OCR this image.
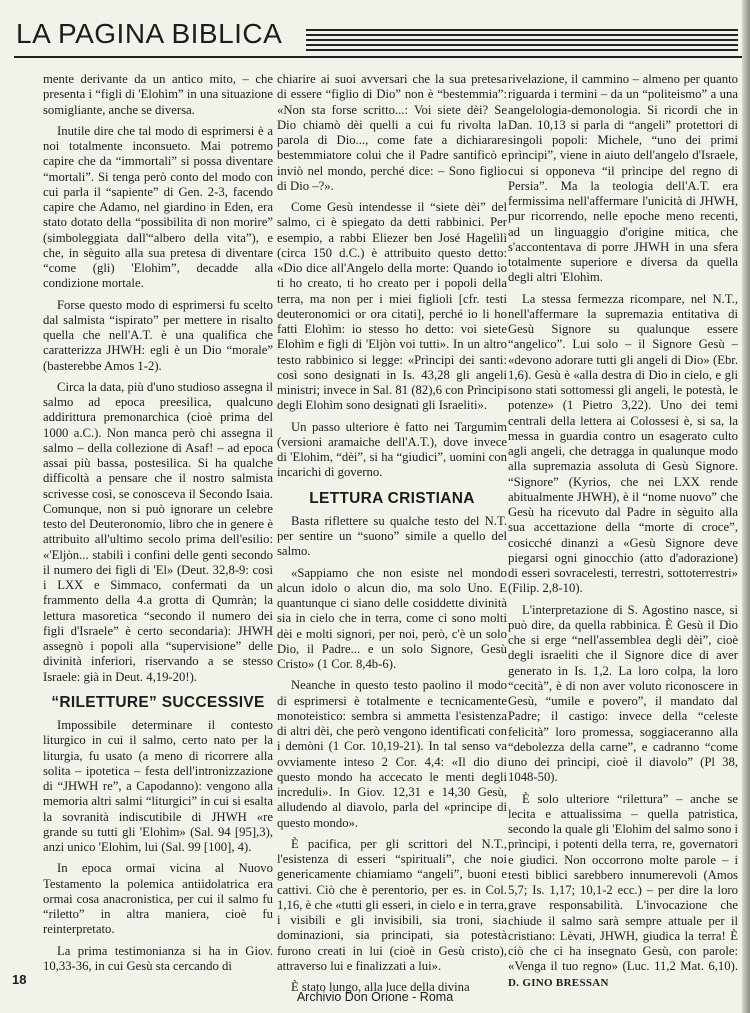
LA PAGINA BIBLICA

mente derivante da un antico mito, – che presenta i “figli di 'Elohìm” in una situazione somigliante, anche se diversa.

Inutile dire che tal modo di esprimersi è a noi totalmente inconsueto. Mai potremo capire che da “immortali” si possa diventare “mortali”. Si tenga però conto del modo con cui parla il “sapiente” di Gen. 2-3, facendo capire che Adamo, nel giardino in Eden, era stato dotato della “possibilita di non morire” (simboleggiata dall'“albero della vita”), e che, in sèguito alla sua pretesa di diventare “come (gli) 'Elohìm”, decadde alla condizione mortale.

Forse questo modo di esprimersi fu scelto dal salmista “ispirato” per mettere in risalto quella che nell'A.T. è una qualifica che caratterizza JHWH: egli è un Dio “morale” (basterebbe Amos 1-2).

Circa la data, più d'uno studioso assegna il salmo ad epoca preesilica, qualcuno addirittura premonarchica (cioè prima del 1000 a.C.). Non manca però chi assegna il salmo – della collezione di Asaf! – ad epoca assai più bassa, postesilica. Si ha qualche difficoltà a pensare che il nostro salmista scrivesse così, se conosceva il Secondo Isaia. Comunque, non si può ignorare un celebre testo del Deuteronomio, libro che in genere è attribuito all'ultimo secolo prima dell'esilio: «'Eljòn... stabilì i confini delle genti secondo il numero dei figli di 'El» (Deut. 32,8-9: così i LXX e Simmaco, confermati da un frammento della 4.a grotta di Qumràn; la lettura masoretica “secondo il numero dei figli d'Israele” è certo secondaria): JHWH assegnò i popoli alla “supervisione” delle divinità inferiori, riservando a se stesso Israele: già in Deut. 4,19-20!).

“RILETTURE” SUCCESSIVE

Impossibile determinare il contesto liturgico in cui il salmo, certo nato per la liturgia, fu usato (a meno di ricorrere alla solita – ipotetica – festa dell'intronizzazione di “JHWH re”, a Capodanno): vengono alla memoria altri salmi “liturgici” in cui si esalta la sovranità indiscutibile di JHWH «re grande su tutti gli 'Elohìm» (Sal. 94 [95],3), anzi unico 'Elohìm, lui (Sal. 99 [100], 4).

In epoca ormai vicina al Nuovo Testamento la polemica antiidolatrica era ormai cosa anacronistica, per cui il salmo fu “riletto” in altra maniera, cioè fu reinterpretato.

La prima testimonianza si ha in Giov. 10,33-36, in cui Gesù sta cercando di

chiarire ai suoi avversari che la sua pretesa di essere “figlio di Dio” non è “bestemmia”: «Non sta forse scritto...: Voi siete dèi? Se Dio chiamò dèi quelli a cui fu rivolta la parola di Dio..., come fate a dichiarare bestemmiatore colui che il Padre santificò e inviò nel mondo, perché dice: – Sono figlio di Dio –?».

Come Gesù intendesse il “siete dèi” del salmo, ci è spiegato da detti rabbinici. Per esempio, a rabbi Eliezer ben José Hagelìlì (circa 150 d.C.) è attribuito questo detto: «Dio dice all'Angelo della morte: Quando io ti ho creato, ti ho creato per i popoli della terra, ma non per i miei figlioli [cfr. testi deuteronomici or ora citati], perché io li ho fatti Elohìm: io stesso ho detto: voi siete Elohìm e figli di 'Eljòn voi tutti». In un altro testo rabbinico si legge: «Prìncipi dei santi: così sono designati in Is. 43,28 gli angeli ministri; invece in Sal. 81 (82),6 con Prìncipi degli Elohìm sono designati gli Israeliti».

Un passo ulteriore è fatto nei Targumìm (versioni aramaiche dell'A.T.), dove invece di 'Elohìm, “dèi”, si ha “giudici”, uomini con incarichi di governo.

LETTURA CRISTIANA

Basta riflettere su qualche testo del N.T. per sentire un “suono” simile a quello del salmo.

«Sappiamo che non esiste nel mondo alcun idolo o alcun dio, ma solo Uno. E quantunque ci siano delle cosiddette divinità sia in cielo che in terra, come ci sono molti dèi e molti signori, per noi, però, c'è un solo Dio, il Padre... e un solo Signore, Gesù Cristo» (1 Cor. 8,4b-6).

Neanche in questo testo paolino il modo di esprimersi è totalmente e tecnicamente monoteistico: sembra si ammetta l'esistenza di altri dèi, che però vengono identificati con i demòni (1 Cor. 10,19-21). In tal senso va ovviamente inteso 2 Cor. 4,4: «Il dio di questo mondo ha accecato le menti degli increduli». In Giov. 12,31 e 14,30 Gesù, alludendo al diavolo, parla del «principe di questo mondo».

È pacifica, per gli scrittori del N.T., l'esistenza di esseri “spirituali”, che noi genericamente chiamiamo “angeli”, buoni e cattivi. Ciò che è perentorio, per es. in Col. 1,16, è che «tutti gli esseri, in cielo e in terra, i visibili e gli invisibili, sia troni, sia dominazioni, sia principati, sia potestà furono creati in lui (cioè in Gesù cristo), attraverso lui e finalizzati a lui».

È stato lungo, alla luce della divina

rivelazione, il cammino – almeno per quanto riguarda i termini – da un “politeismo” a una angelologia-demonologia. Si ricordi che in Dan. 10,13 si parla di “angeli” protettori di singoli popoli: Michele, “uno dei primi prìncipi”, viene in aiuto dell'angelo d'Israele, cui si opponeva “il prìncipe del regno di Persia”. Ma la teologia dell'A.T. era fermissima nell'affermare l'unicità di JHWH, pur ricorrendo, nelle epoche meno recenti, ad un linguaggio d'origine mitica, che s'accontentava di porre JHWH in una sfera totalmente superiore e diversa da quella degli altri 'Elohìm.

La stessa fermezza ricompare, nel N.T., nell'affermare la supremazia entitativa di Gesù Signore su qualunque essere “angelico”. Lui solo – il Signore Gesù – «devono adorare tutti gli angeli di Dio» (Ebr. 1,6). Gesù è «alla destra di Dio in cielo, e gli sono stati sottomessi gli angeli, le potestà, le potenze» (1 Pietro 3,22). Uno dei temi centrali della lettera ai Colossesi è, si sa, la messa in guardia contro un esagerato culto agli angeli, che detragga in qualunque modo alla supremazia assoluta di Gesù Signore. “Signore” (Kyrios, che nei LXX rende abitualmente JHWH), è il “nome nuovo” che Gesù ha ricevuto dal Padre in sèguito alla sua accettazione della “morte di croce”, cosicché dinanzi a «Gesù Signore deve piegarsi ogni ginocchio (atto d'adorazione) di esseri sovracelesti, terrestri, sottoterrestri» (Filip. 2,8-10).

L'interpretazione di S. Agostino nasce, si può dire, da quella rabbinica. È Gesù il Dio che si erge “nell'assemblea degli dèi”, cioè degli israeliti che il Signore dice di aver generato in Is. 1,2. La loro colpa, la loro “cecità”, è di non aver voluto riconoscere in Gesù, “umile e povero”, il mandato dal Padre; il castigo: invece della “celeste felicità” loro promessa, soggiaceranno alla “debolezza della carne”, e cadranno “come uno dei prìncipi, cioè il diavolo” (Pl 38, 1048-50).

È solo ulteriore “rilettura” – anche se lecita e attualissima – quella patristica, secondo la quale gli 'Elohìm del salmo sono i prìncipi, i potenti della terra, re, governatori e giudici. Non occorrono molte parole – i testi biblici sarebbero innumerevoli (Amos 5,7; Is. 1,17; 10,1-2 ecc.) – per dire la loro grave responsabilità. L'invocazione che chiude il salmo sarà sempre attuale per il cristiano: Lèvati, JHWH, giudica la terra! È ciò che ci ha insegnato Gesù, con parole: «Venga il tuo regno» (Luc. 11,2 Mat. 6,10). D. GINO BRESSAN

18
Archivio Don Orione - Roma
